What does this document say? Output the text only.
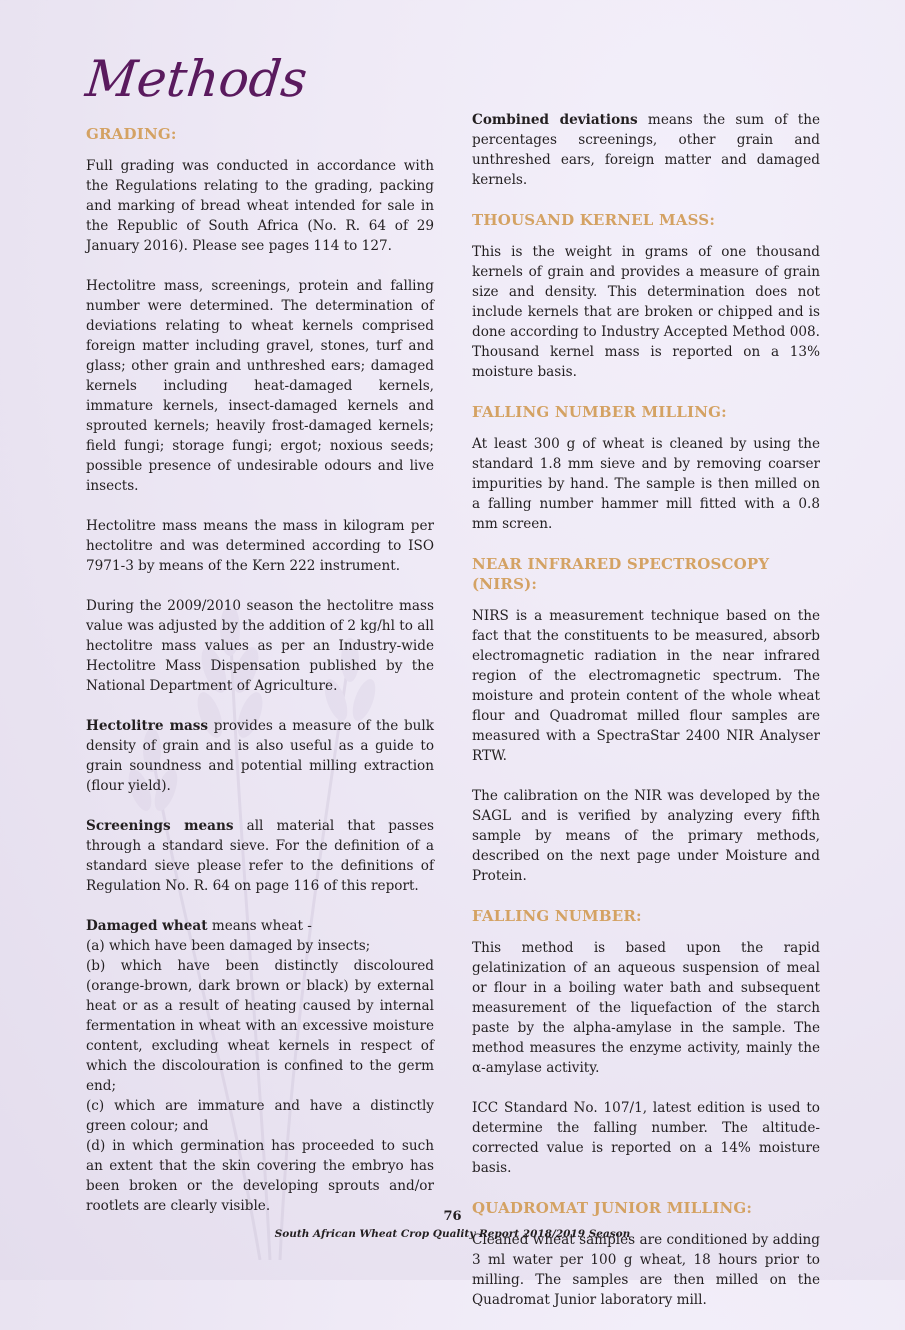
Methods
GRADING:

Full grading was conducted in accordance with the Regulations relating to the grading, packing and marking of bread wheat intended for sale in the Republic of South Africa (No. R. 64 of 29 January 2016). Please see pages 114 to 127.

Hectolitre mass, screenings, protein and falling number were determined. The determination of deviations relating to wheat kernels comprised foreign matter including gravel, stones, turf and glass; other grain and unthreshed ears; damaged kernels including heat-damaged kernels, immature kernels, insect-damaged kernels and sprouted kernels; heavily frost-damaged kernels; field fungi; storage fungi; ergot; noxious seeds; possible presence of undesirable odours and live insects.

Hectolitre mass means the mass in kilogram per hectolitre and was determined according to ISO 7971-3 by means of the Kern 222 instrument.

During the 2009/2010 season the hectolitre mass value was adjusted by the addition of 2 kg/hl to all hectolitre mass values as per an Industry-wide Hectolitre Mass Dispensation published by the National Department of Agriculture.

Hectolitre mass provides a measure of the bulk density of grain and is also useful as a guide to grain soundness and potential milling extraction (flour yield).

Screenings means all material that passes through a standard sieve. For the definition of a standard sieve please refer to the definitions of Regulation No. R. 64 on page 116 of this report.

Damaged wheat means wheat -
(a) which have been damaged by insects;
(b) which have been distinctly discoloured (orange-brown, dark brown or black) by external heat or as a result of heating caused by internal fermentation in wheat with an excessive moisture content, excluding wheat kernels in respect of which the discolouration is confined to the germ end;
(c) which are immature and have a distinctly green colour; and
(d) in which germination has proceeded to such an extent that the skin covering the embryo has been broken or the developing sprouts and/or rootlets are clearly visible.

Combined deviations means the sum of the percentages screenings, other grain and unthreshed ears, foreign matter and damaged kernels.

THOUSAND KERNEL MASS:

This is the weight in grams of one thousand kernels of grain and provides a measure of grain size and density. This determination does not include kernels that are broken or chipped and is done according to Industry Accepted Method 008. Thousand kernel mass is reported on a 13% moisture basis.

FALLING NUMBER MILLING:

At least 300 g of wheat is cleaned by using the standard 1.8 mm sieve and by removing coarser impurities by hand. The sample is then milled on a falling number hammer mill fitted with a 0.8 mm screen.

NEAR INFRARED SPECTROSCOPY (NIRS):

NIRS is a measurement technique based on the fact that the constituents to be measured, absorb electromagnetic radiation in the near infrared region of the electromagnetic spectrum. The moisture and protein content of the whole wheat flour and Quadromat milled flour samples are measured with a SpectraStar 2400 NIR Analyser RTW.

The calibration on the NIR was developed by the SAGL and is verified by analyzing every fifth sample by means of the primary methods, described on the next page under Moisture and Protein.

FALLING NUMBER:

This method is based upon the rapid gelatinization of an aqueous suspension of meal or flour in a boiling water bath and subsequent measurement of the liquefaction of the starch paste by the alpha-amylase in the sample. The method measures the enzyme activity, mainly the α-amylase activity.

ICC Standard No. 107/1, latest edition is used to determine the falling number. The altitude-corrected value is reported on a 14% moisture basis.

QUADROMAT JUNIOR MILLING:

Cleaned wheat samples are conditioned by adding 3 ml water per 100 g wheat, 18 hours prior to milling. The samples are then milled on the Quadromat Junior laboratory mill.

76
South African Wheat Crop Quality Report 2018/2019 Season
